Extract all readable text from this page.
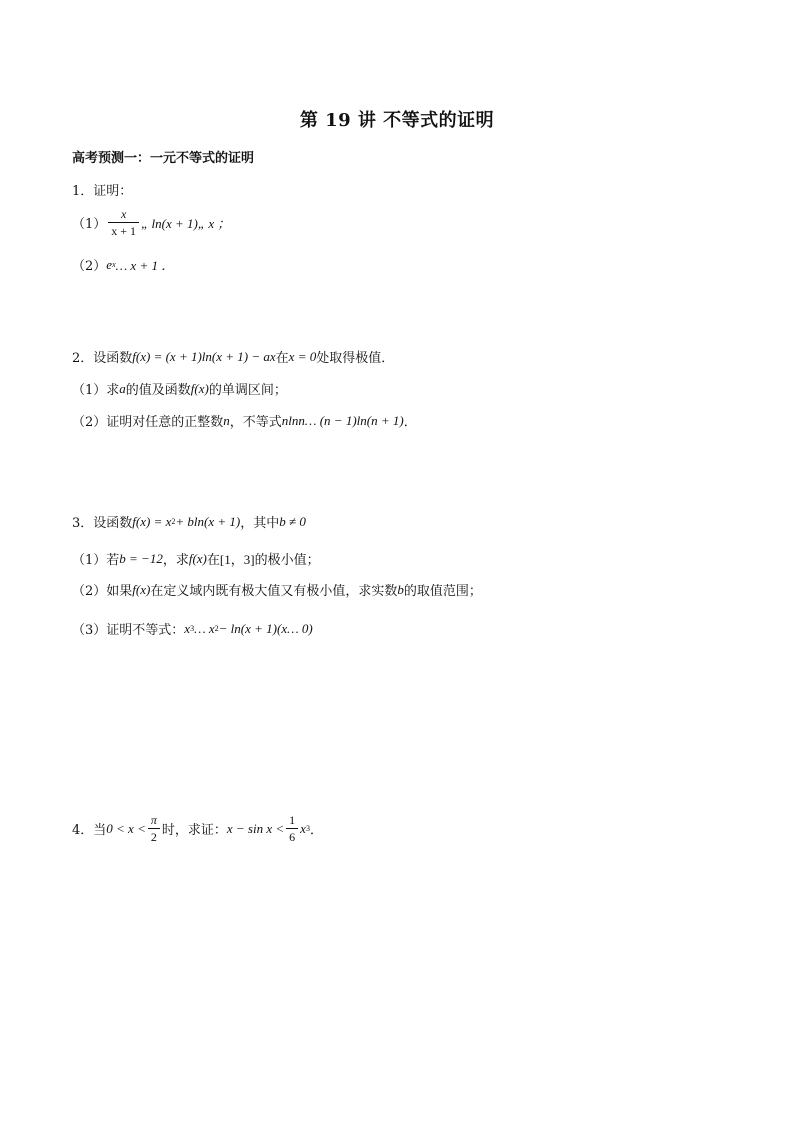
第 19 讲 不等式的证明
高考预测一：一元不等式的证明
1．证明：
$(1) \frac{x}{x + 1}$ „ ln(x + 1)„ x ；
（2） e x … x + 1 ．
2．设函数 f(x) = (x + 1)ln(x + 1) − ax 在 x = 0 处取得极值．
（1）求 a 的值及函数 f(x) 的单调区间；
（2）证明对任意的正整数 n ，不等式 nlnn… (n − 1)ln(n + 1) ．
3．设函数 f(x) = x 2 + bln(x + 1) ，其中 b ≠ 0
（1）若 b = −12 ，求 f(x) 在 [1，3] 的极小值；
（2）如果 f(x) 在定义域内既有极大值又有极小值，求实数 b 的取值范围；
（3）证明不等式： x 3 … x 2 − ln(x + 1)(x… 0)
4．当 $0 < x < \frac{\pi}{2}$ 时，求证： $x - \sin x < \frac{1}{6}$ x 3 ．
